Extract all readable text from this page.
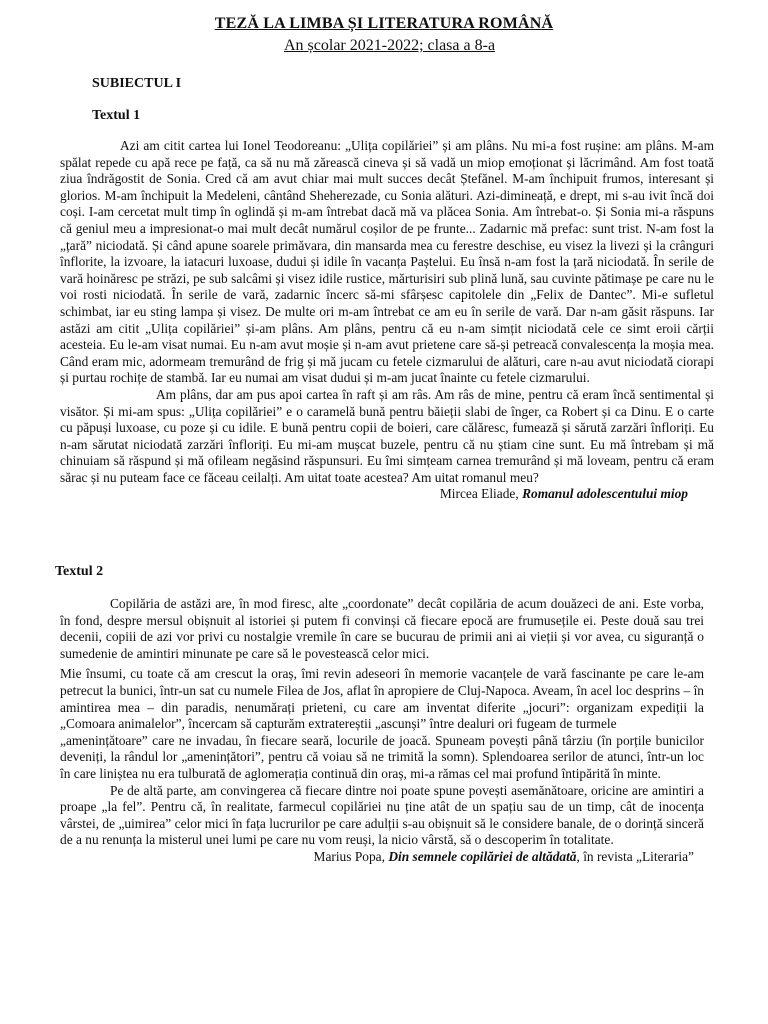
TEZĂ LA LIMBA ȘI LITERATURA ROMÂNĂ
An școlar 2021-2022; clasa a 8-a
SUBIECTUL I
Textul 1

Azi am citit cartea lui Ionel Teodoreanu: „Ulița copilăriei” și am plâns. Nu mi-a fost rușine: am plâns. M-am spălat repede cu apă rece pe față, ca să nu mă zărească cineva și să vadă un miop emoționat și lăcrimând. Am fost toată ziua îndrăgostit de Sonia. Cred că am avut chiar mai mult succes decât Ștefănel. M-am închipuit frumos, interesant și glorios. M-am închipuit la Medeleni, cântând Sheherezade, cu Sonia alături. Azi-dimineață, e drept, mi s-au ivit încă doi coși. I-am cercetat mult timp în oglindă și m-am întrebat dacă mă va plăcea Sonia. Am întrebat-o. Și Sonia mi-a răspuns că geniul meu a impresionat-o mai mult decât numărul coșilor de pe frunte... Zadarnic mă prefac: sunt trist. N-am fost la „țară” niciodată. Și când apune soarele primăvara, din mansarda mea cu ferestre deschise, eu visez la livezi și la crânguri înflorite, la izvoare, la iatacuri luxoase, dudui și idile în vacanța Paștelui. Eu însă n-am fost la țară niciodată. În serile de vară hoinăresc pe străzi, pe sub salcâmi și visez idile rustice, mărturisiri sub plină lună, sau cuvinte pătimașe pe care nu le voi rosti niciodată. În serile de vară, zadarnic încerc să-mi sfârșesc capitolele din „Felix de Dantec”. Mi-e sufletul schimbat, iar eu sting lampa și visez. De multe ori m-am întrebat ce am eu în serile de vară. Dar n-am găsit răspuns. Iar astăzi am citit „Ulița copilăriei” și-am plâns. Am plâns, pentru că eu n-am simțit niciodată cele ce simt eroii cărții acesteia. Eu le-am visat numai. Eu n-am avut moșie și n-am avut prietene care să-și petreacă convalescența la moșia mea. Când eram mic, adormeam tremurând de frig și mă jucam cu fetele cizmarului de alături, care n-au avut niciodată ciorapi și purtau rochițe de stambă. Iar eu numai am visat dudui și m-am jucat înainte cu fetele cizmarului.

Am plâns, dar am pus apoi cartea în raft și am râs. Am râs de mine, pentru că eram încă sentimental și visător. Și mi-am spus: „Ulița copilăriei” e o caramelă bună pentru băieții slabi de înger, ca Robert și ca Dinu. E o carte cu păpuși luxoase, cu poze și cu idile. E bună pentru copii de boieri, care călăresc, fumează și sărută zarzări înfloriți. Eu n-am sărutat niciodată zarzări înfloriți. Eu mi-am mușcat buzele, pentru că nu știam cine sunt. Eu mă întrebam și mă chinuiam să răspund și mă ofileam negăsind răspunsuri. Eu îmi simțeam carnea tremurând și mă loveam, pentru că eram sărac și nu puteam face ce făceau ceilalți. Am uitat toate acestea? Am uitat romanul meu?

Mircea Eliade, Romanul adolescentului miop

Textul 2

Copilăria de astăzi are, în mod firesc, alte „coordonate” decât copilăria de acum douăzeci de ani. Este vorba, în fond, despre mersul obișnuit al istoriei și putem fi convinși că fiecare epocă are frumusețile ei. Peste două sau trei decenii, copiii de azi vor privi cu nostalgie vremile în care se bucurau de primii ani ai vieții și vor avea, cu siguranță o sumedenie de amintiri minunate pe care să le povestească celor mici.

Mie însumi, cu toate că am crescut la oraș, îmi revin adeseori în memorie vacanțele de vară fascinante pe care le-am petrecut la bunici, într-un sat cu numele Filea de Jos, aflat în apropiere de Cluj-Napoca. Aveam, în acel loc desprins – în amintirea mea – din paradis, nenumărați prieteni, cu care am inventat diferite „jocuri”: organizam expediții la „Comoara animalelor”, încercam să capturăm extratereștii „ascunși” între dealuri ori fugeam de turmele

„amenințătoare” care ne invadau, în fiecare seară, locurile de joacă. Spuneam povești până târziu (în porțile bunicilor deveniți, la rândul lor „amenințători”, pentru că voiau să ne trimită la somn). Splendoarea serilor de atunci, într-un loc în care liniștea nu era tulburată de aglomerația continuă din oraș, mi-a rămas cel mai profund întipărită în minte.

Pe de altă parte, am convingerea că fiecare dintre noi poate spune povești asemănătoare, oricine are amintiri a proape „la fel”. Pentru că, în realitate, farmecul copilăriei nu ține atât de un spațiu sau de un timp, cât de inocența vârstei, de „uimirea” celor mici în fața lucrurilor pe care adulții s-au obișnuit să le considere banale, de o dorință sinceră de a nu renunța la misterul unei lumi pe care nu vom reuși, la nicio vârstă, să o descoperim în totalitate.

Marius Popa, Din semnele copilăriei de altădată, în revista „Literaria”
